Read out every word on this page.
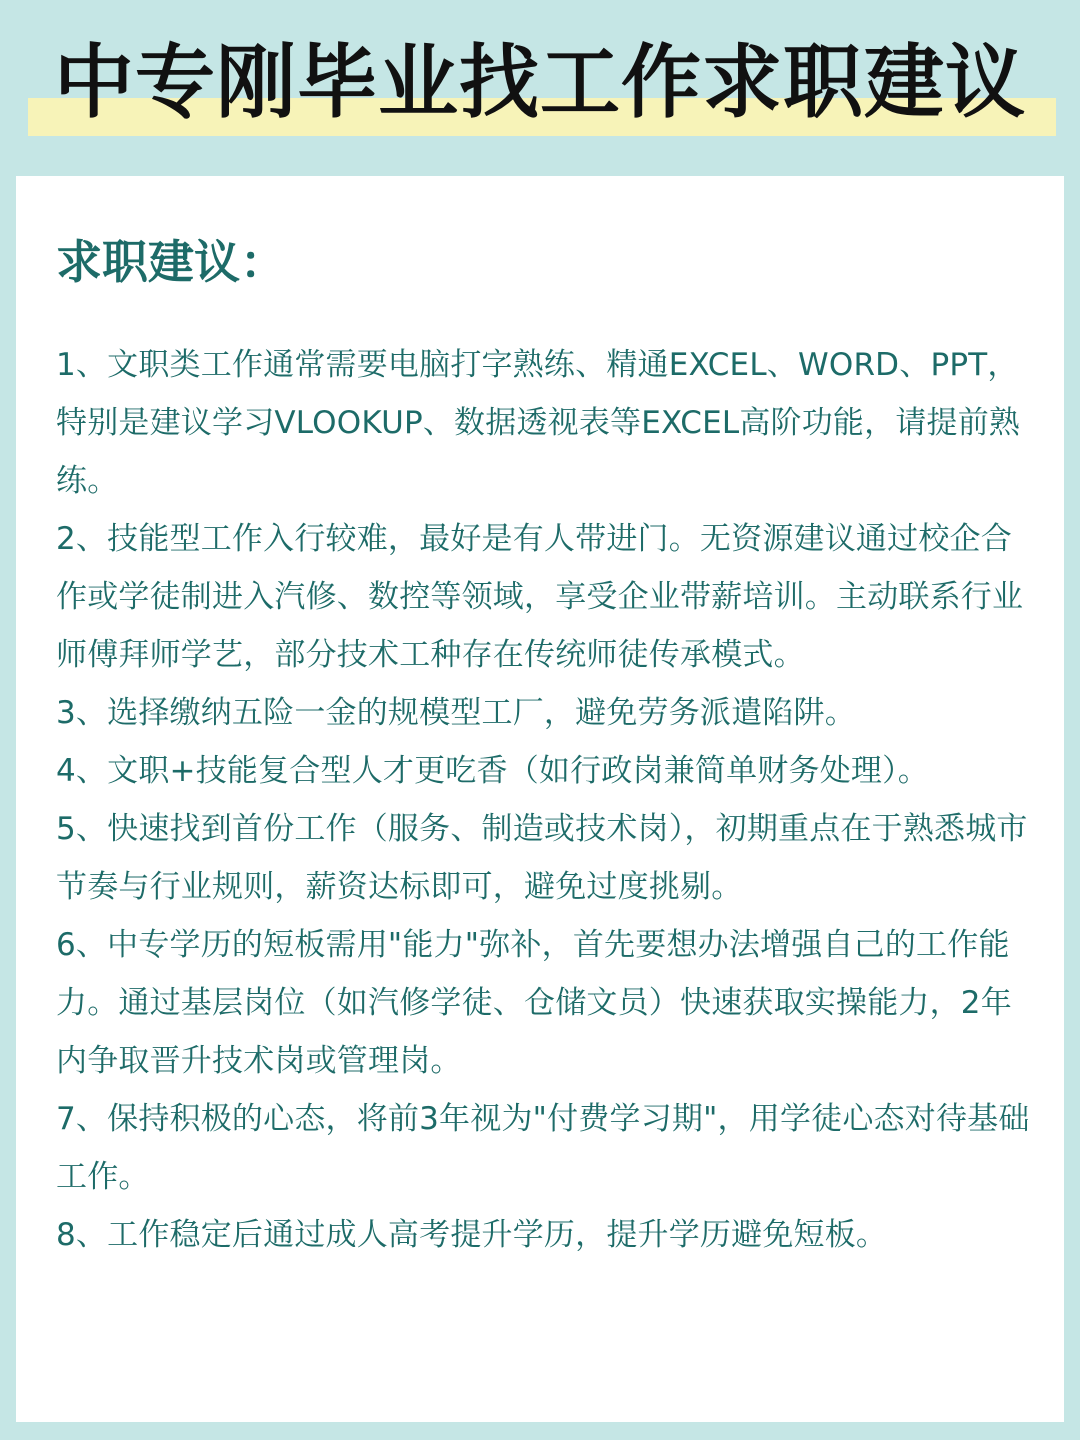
中专刚毕业找工作求职建议
求职建议：
1、文职类工作通常需要电脑打字熟练、精通EXCEL、WORD、PPT，特别是建议学习VLOOKUP、数据透视表等EXCEL高阶功能，请提前熟练。
2、技能型工作入行较难，最好是有人带进门。无资源建议通过校企合作或学徒制进入汽修、数控等领域，享受企业带薪培训。主动联系行业师傅拜师学艺，部分技术工种存在传统师徒传承模式。
3、选择缴纳五险一金的规模型工厂，避免劳务派遣陷阱。
4、文职+技能复合型人才更吃香（如行政岗兼简单财务处理）。
5、快速找到首份工作（服务、制造或技术岗），初期重点在于熟悉城市节奏与行业规则，薪资达标即可，避免过度挑剔。
6、中专学历的短板需用"能力"弥补，首先要想办法增强自己的工作能力。通过基层岗位（如汽修学徒、仓储文员）快速获取实操能力，2年内争取晋升技术岗或管理岗。
7、保持积极的心态，将前3年视为"付费学习期"，用学徒心态对待基础工作。
8、工作稳定后通过成人高考提升学历，提升学历避免短板。
